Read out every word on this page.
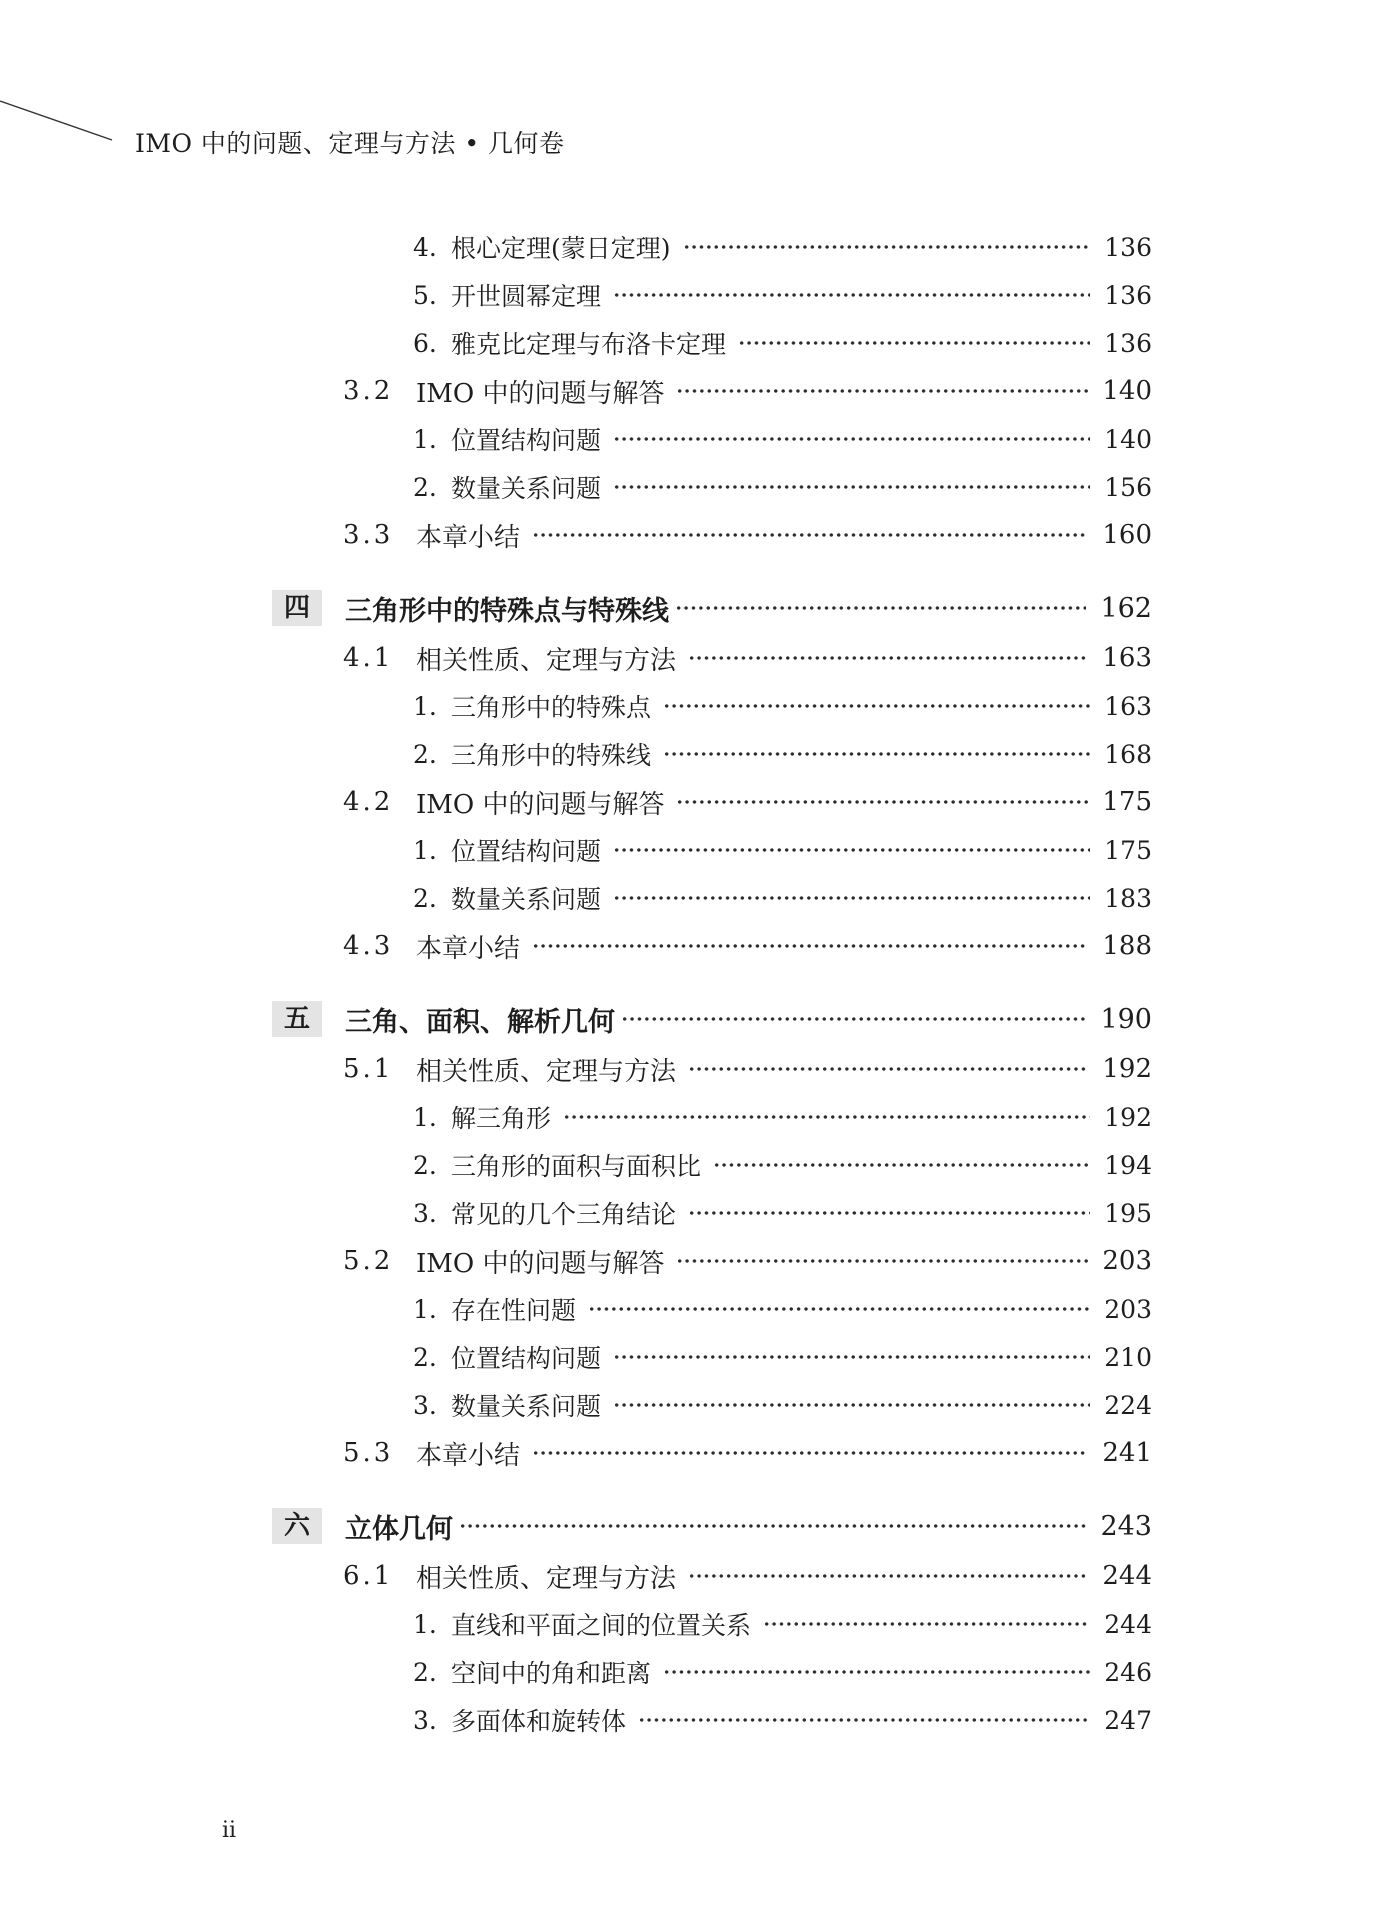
IMO 中的问题、定理与方法 • 几何卷
4. 根心定理(蒙日定理)	136
5. 开世圆幂定理	136
6. 雅克比定理与布洛卡定理	136
3.2 IMO 中的问题与解答	140
1. 位置结构问题	140
2. 数量关系问题	156
3.3 本章小结	160
四	三角形中的特殊点与特殊线	162
4.1 相关性质、定理与方法	163
1. 三角形中的特殊点	163
2. 三角形中的特殊线	168
4.2 IMO 中的问题与解答	175
1. 位置结构问题	175
2. 数量关系问题	183
4.3 本章小结	188
五	三角、面积、解析几何	190
5.1 相关性质、定理与方法	192
1. 解三角形	192
2. 三角形的面积与面积比	194
3. 常见的几个三角结论	195
5.2 IMO 中的问题与解答	203
1. 存在性问题	203
2. 位置结构问题	210
3. 数量关系问题	224
5.3 本章小结	241
六	立体几何	243
6.1 相关性质、定理与方法	244
1. 直线和平面之间的位置关系	244
2. 空间中的角和距离	246
3. 多面体和旋转体	247
ii
